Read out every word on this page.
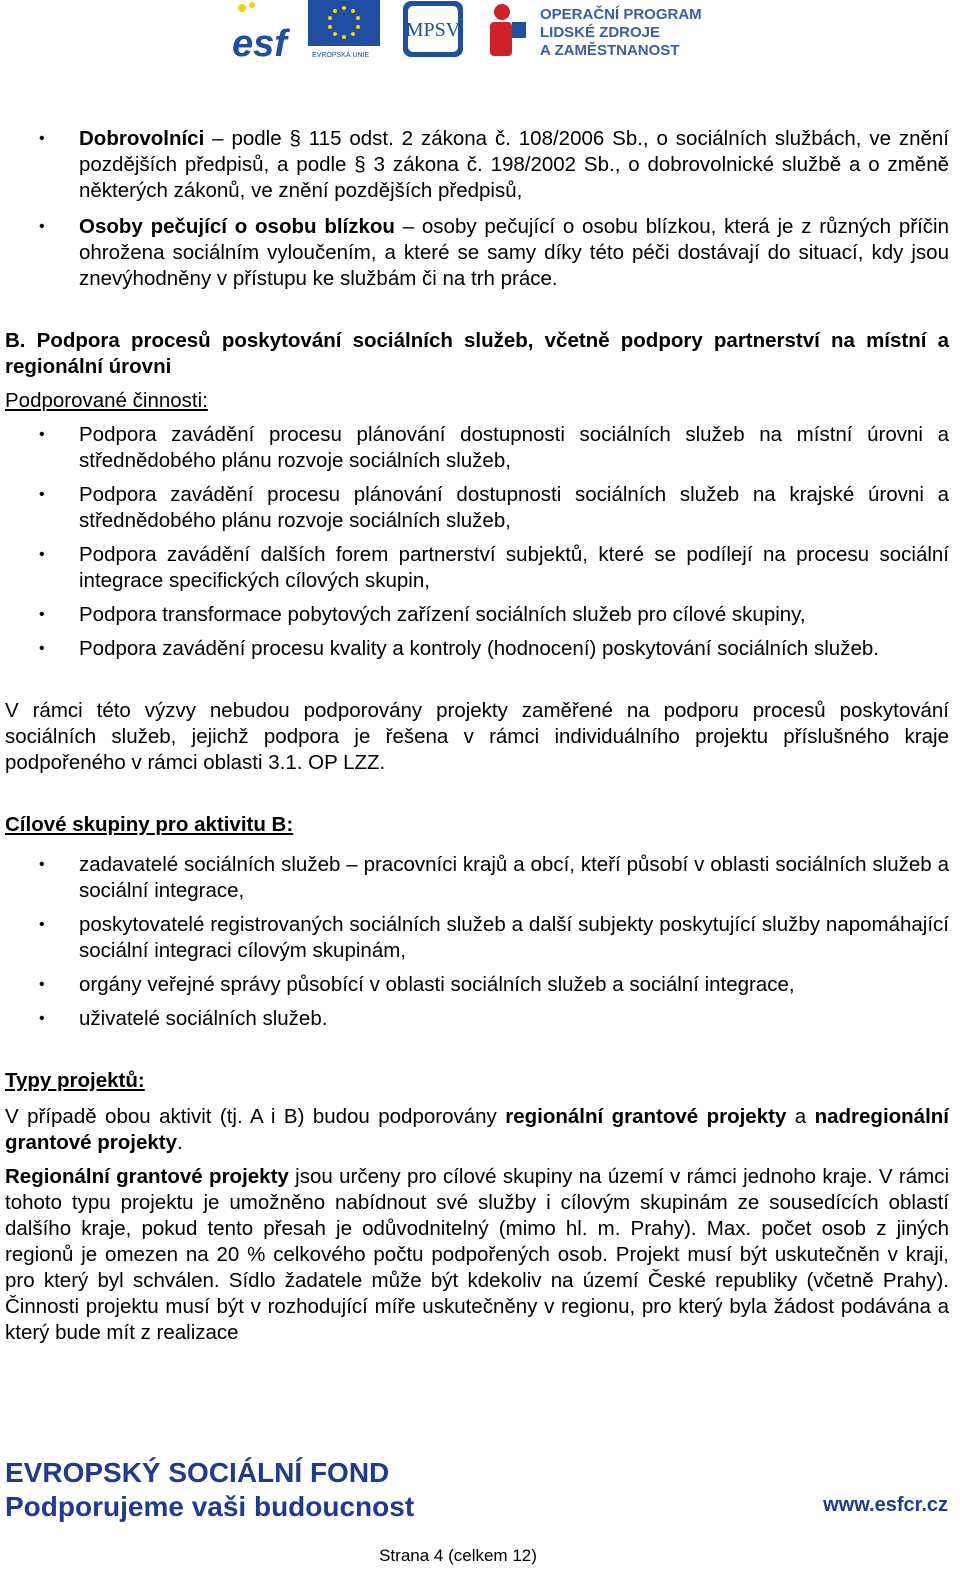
esf	EVROPSKÁ UNIE
MPSV
OPERAČNÍ PROGRAM
LIDSKÉ ZDROJE
A ZAMĚSTNANOST

• Dobrovolníci – podle § 115 odst. 2 zákona č. 108/2006 Sb., o sociálních službách, ve znění pozdějších předpisů, a podle § 3 zákona č. 198/2002 Sb., o dobrovolnické službě a o změně některých zákonů, ve znění pozdějších předpisů,

• Osoby pečující o osobu blízkou – osoby pečující o osobu blízkou, která je z různých příčin ohrožena sociálním vyloučením, a které se samy díky této péči dostávají do situací, kdy jsou znevýhodněny v přístupu ke službám či na trh práce.

B. Podpora procesů poskytování sociálních služeb, včetně podpory partnerství na místní a regionální úrovni

Podporované činnosti:

• Podpora zavádění procesu plánování dostupnosti sociálních služeb na místní úrovni a střednědobého plánu rozvoje sociálních služeb,

• Podpora zavádění procesu plánování dostupnosti sociálních služeb na krajské úrovni a střednědobého plánu rozvoje sociálních služeb,

• Podpora zavádění dalších forem partnerství subjektů, které se podílejí na procesu sociální integrace specifických cílových skupin,

• Podpora transformace pobytových zařízení sociálních služeb pro cílové skupiny,

• Podpora zavádění procesu kvality a kontroly (hodnocení) poskytování sociálních služeb.

V rámci této výzvy nebudou podporovány projekty zaměřené na podporu procesů poskytování sociálních služeb, jejichž podpora je řešena v rámci individuálního projektu příslušného kraje podpořeného v rámci oblasti 3.1. OP LZZ.

Cílové skupiny pro aktivitu B:

• zadavatelé sociálních služeb – pracovníci krajů a obcí, kteří působí v oblasti sociálních služeb a sociální integrace,

• poskytovatelé registrovaných sociálních služeb a další subjekty poskytující služby napomáhající sociální integraci cílovým skupinám,

• orgány veřejné správy působící v oblasti sociálních služeb a sociální integrace,

• uživatelé sociálních služeb.

Typy projektů:

V případě obou aktivit (tj. A i B) budou podporovány regionální grantové projekty a nadregionální grantové projekty.

Regionální grantové projekty jsou určeny pro cílové skupiny na území v rámci jednoho kraje. V rámci tohoto typu projektu je umožněno nabídnout své služby i cílovým skupinám ze sousedících oblastí dalšího kraje, pokud tento přesah je odůvodnitelný (mimo hl. m. Prahy). Max. počet osob z jiných regionů je omezen na 20 % celkového počtu podpořených osob. Projekt musí být uskutečněn v kraji, pro který byl schválen. Sídlo žadatele může být kdekoliv na území České republiky (včetně Prahy). Činnosti projektu musí být v rozhodující míře uskutečněny v regionu, pro který byla žádost podávána a který bude mít z realizace

EVROPSKÝ SOCIÁLNÍ FOND
Podporujeme vaši budoucnost	www.esfcr.cz
Strana 4 (celkem 12)
